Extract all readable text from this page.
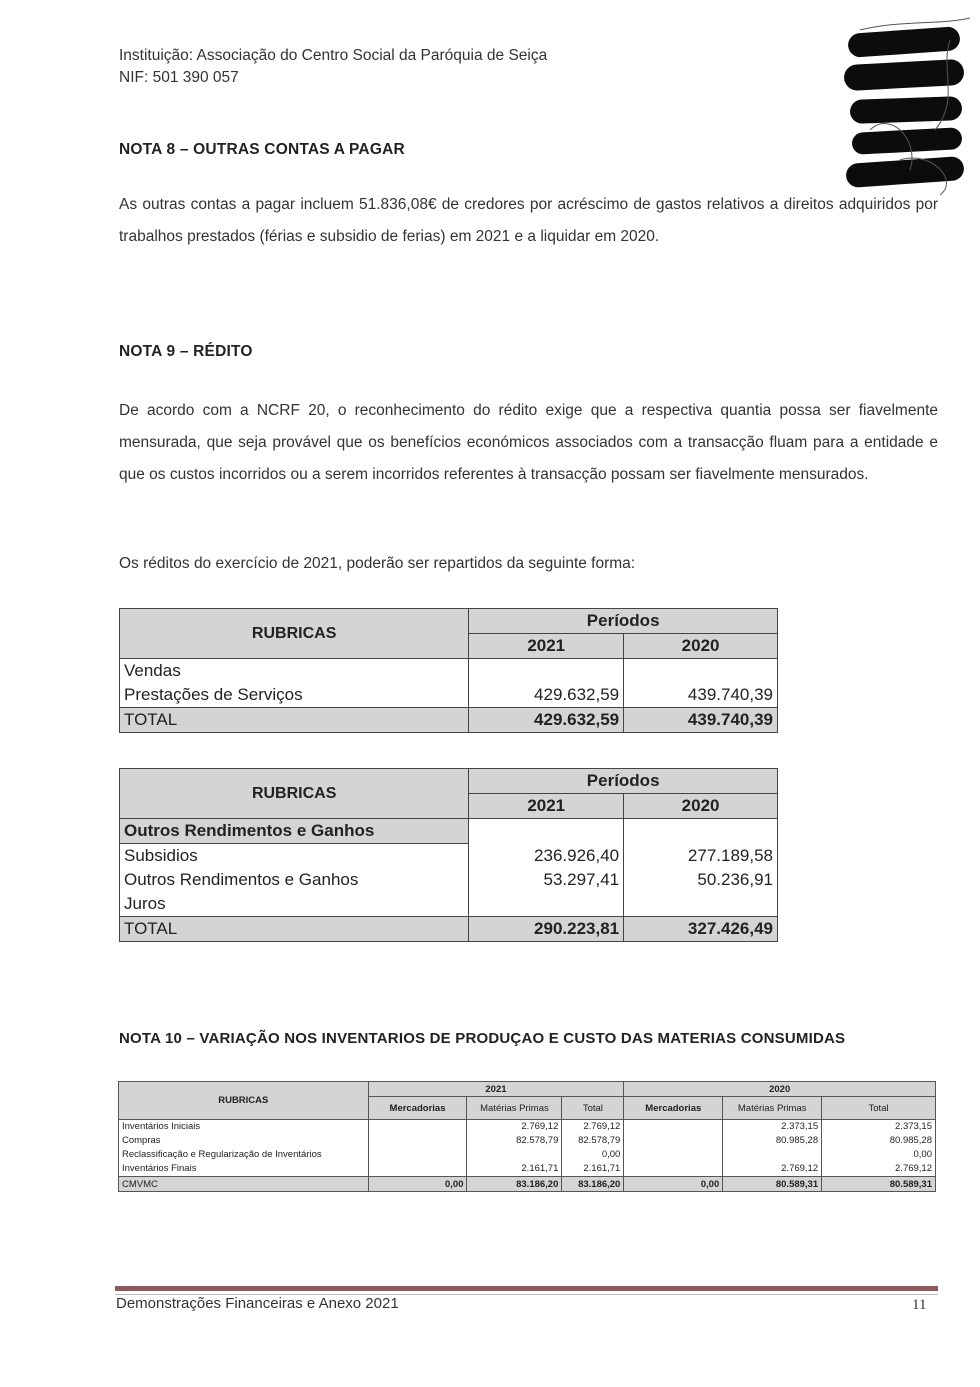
Instituição: Associação do Centro Social da Paróquia de Seiça
NIF: 501 390 057
NOTA 8 – OUTRAS CONTAS A PAGAR

As outras contas a pagar incluem 51.836,08€ de credores por acréscimo de gastos relativos a direitos adquiridos por trabalhos prestados (férias e subsidio de ferias) em 2021 e a liquidar em 2020.

NOTA 9 – RÉDITO

De acordo com a NCRF 20, o reconhecimento do rédito exige que a respectiva quantia possa ser fiavelmente mensurada, que seja provável que os benefícios económicos associados com a transacção fluam para a entidade e que os custos incorridos ou a serem incorridos referentes à transacção possam ser fiavelmente mensurados.

Os réditos do exercício de 2021, poderão ser repartidos da seguinte forma:

RUBRICAS	Períodos	
	2021	2020
Vendas		
Prestações de Serviços	429.632,59	439.740,39
TOTAL	429.632,59	439.740,39
RUBRICAS	Períodos	
	2021	2020
Outros Rendimentos e Ganhos		
Subsidios	236.926,40	277.189,58
Outros Rendimentos e Ganhos	53.297,41	50.236,91
Juros		
TOTAL	290.223,81	327.426,49
NOTA 10 – VARIAÇÃO NOS INVENTARIOS DE PRODUÇAO E CUSTO DAS MATERIAS CONSUMIDAS
RUBRICAS	2021			2020		
	Mercadorias	Matérias Primas	Total	Mercadorias	Matérias Primas	Total
Inventários Iniciais		2.769,12	2.769,12		2.373,15	2.373,15
Compras		82.578,79	82.578,79		80.985,28	80.985,28
Reclassificação e Regularização de Inventários			0,00			0,00
Inventários Finais		2.161,71	2.161,71		2.769,12	2.769,12
CMVMC	0,00	83.186,20	83.186,20	0,00	80.589,31	80.589,31
Demonstrações Financeiras e Anexo 2021	11
